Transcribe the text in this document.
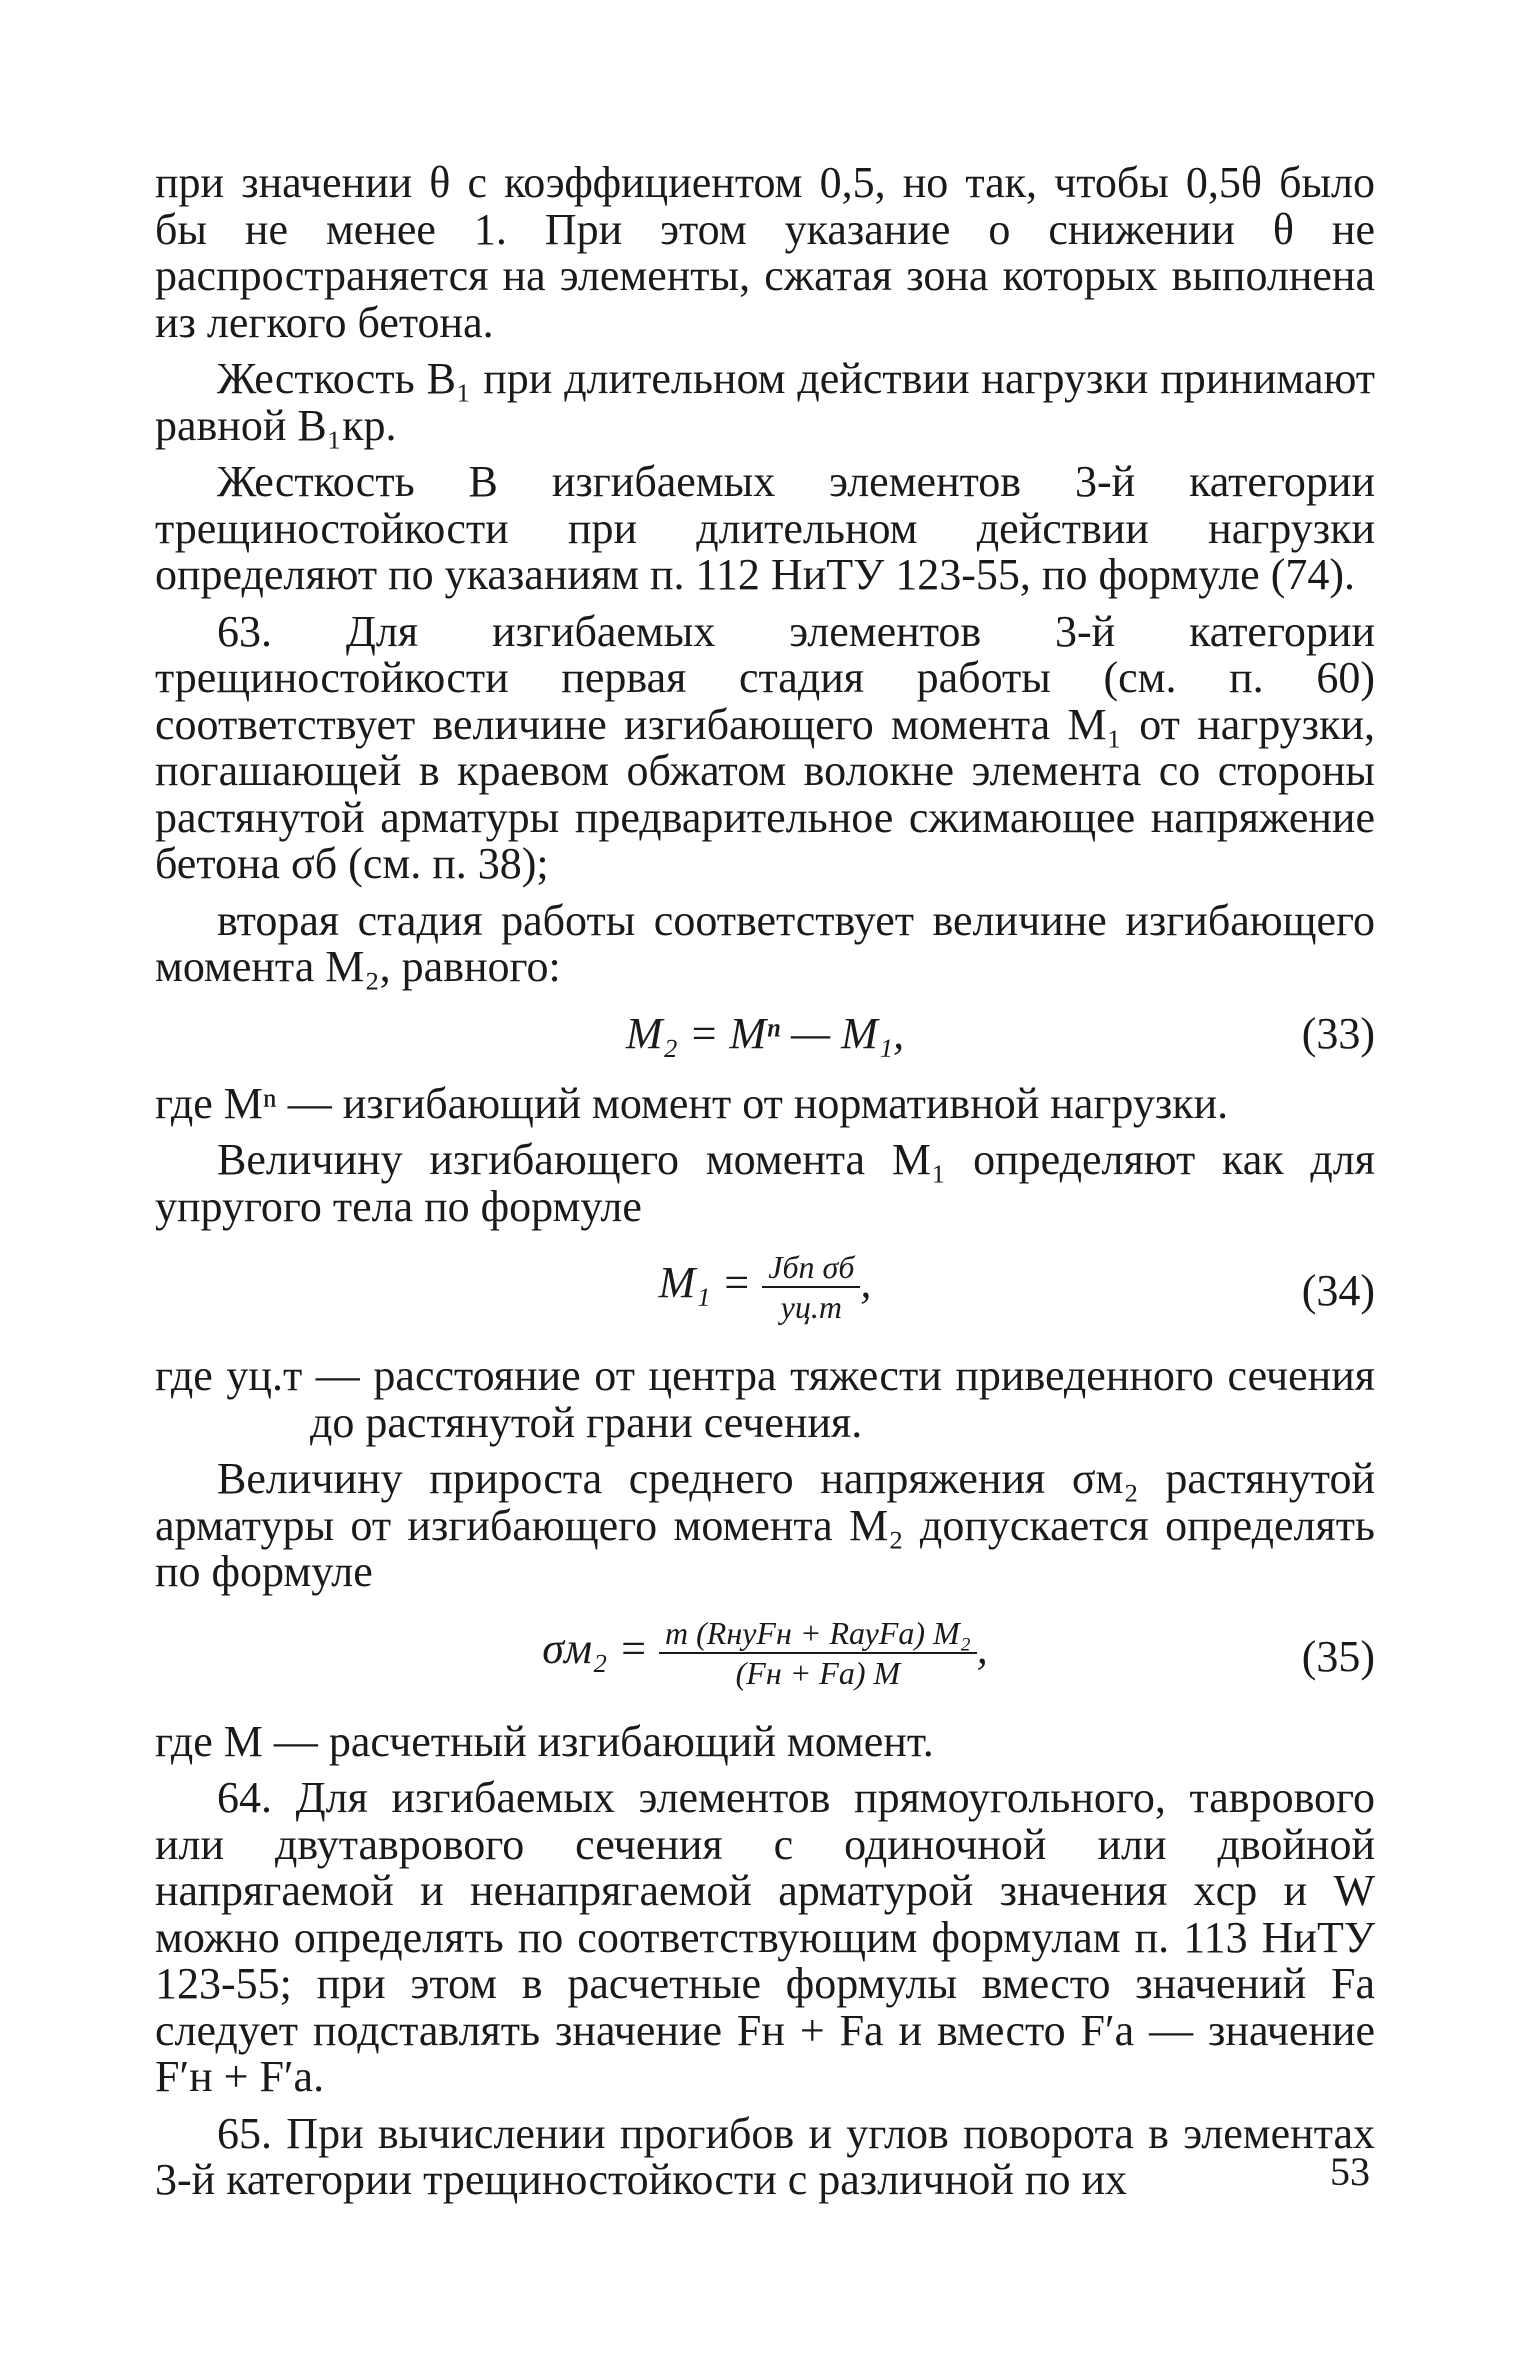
при значении θ с коэффициентом 0,5, но так, чтобы 0,5θ было бы не менее 1. При этом указание о снижении θ не распространяется на элементы, сжатая зона которых выполнена из легкого бетона.

Жесткость B₁ при длительном действии нагрузки принимают равной B₁кр.

Жесткость B изгибаемых элементов 3-й категории трещиностойкости при длительном действии нагрузки определяют по указаниям п. 112 НиТУ 123-55, по формуле (74).

63. Для изгибаемых элементов 3-й категории трещиностойкости первая стадия работы (см. п. 60) соответствует величине изгибающего момента M₁ от нагрузки, погашающей в краевом обжатом волокне элемента со стороны растянутой арматуры предварительное сжимающее напряжение бетона σб (см. п. 38);

вторая стадия работы соответствует величине изгибающего момента M₂, равного:

M₂ = Mⁿ — M₁,	(33)

где Mⁿ — изгибающий момент от нормативной нагрузки.

Величину изгибающего момента M₁ определяют как для упругого тела по формуле

$M_1 = \frac{\text{Jбп σб}}{yц.т}$ ,	(34)

где yц.т — расстояние от центра тяжести приведенного сечения до растянутой грани сечения.

Величину прироста среднего напряжения σм₂ растянутой арматуры от изгибающего момента M₂ допускается определять по формуле

$\sigma м_2 = \frac{\text{m (RнуFн + RауFа) M₂}}{(Fн + Fа) M}$ ,	(35)

где M — расчетный изгибающий момент.

64. Для изгибаемых элементов прямоугольного, таврового или двутаврового сечения с одиночной или двойной напрягаемой и ненапрягаемой арматурой значения xср и W можно определять по соответствующим формулам п. 113 НиТУ 123-55; при этом в расчетные формулы вместо значений Fа следует подставлять значение Fн + Fа и вместо F′а — значение F′н + F′а.

65. При вычислении прогибов и углов поворота в элементах 3-й категории трещиностойкости с различной по их	53
